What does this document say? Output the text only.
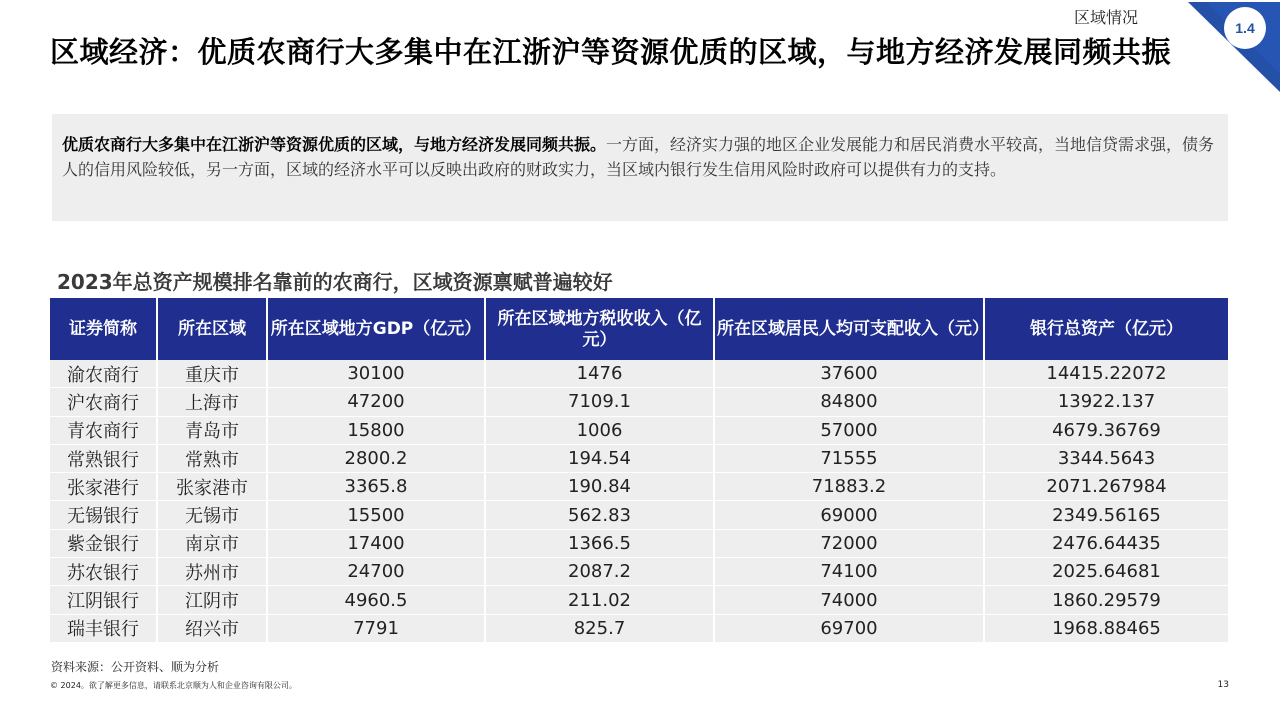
区域情况
1.4
区域经济：优质农商行大多集中在江浙沪等资源优质的区域，与地方经济发展同频共振
优质农商行大多集中在江浙沪等资源优质的区域，与地方经济发展同频共振。一方面，经济实力强的地区企业发展能力和居民消费水平较高，当地信贷需求强，债务人的信用风险较低，另一方面，区域的经济水平可以反映出政府的财政实力，当区域内银行发生信用风险时政府可以提供有力的支持。
2023年总资产规模排名靠前的农商行，区域资源禀赋普遍较好
证券简称	所在区域	所在区域地方GDP（亿元）	所在区域地方税收收入（亿元）	所在区域居民人均可支配收入（元）	银行总资产（亿元）
渝农商行	重庆市	30100	1476	37600	14415.22072
沪农商行	上海市	47200	7109.1	84800	13922.137
青农商行	青岛市	15800	1006	57000	4679.36769
常熟银行	常熟市	2800.2	194.54	71555	3344.5643
张家港行	张家港市	3365.8	190.84	71883.2	2071.267984
无锡银行	无锡市	15500	562.83	69000	2349.56165
紫金银行	南京市	17400	1366.5	72000	2476.64435
苏农银行	苏州市	24700	2087.2	74100	2025.64681
江阴银行	江阴市	4960.5	211.02	74000	1860.29579
瑞丰银行	绍兴市	7791	825.7	69700	1968.88465
资料来源：公开资料、顺为分析
© 2024。欲了解更多信息，请联系北京顺为人和企业咨询有限公司。	13
